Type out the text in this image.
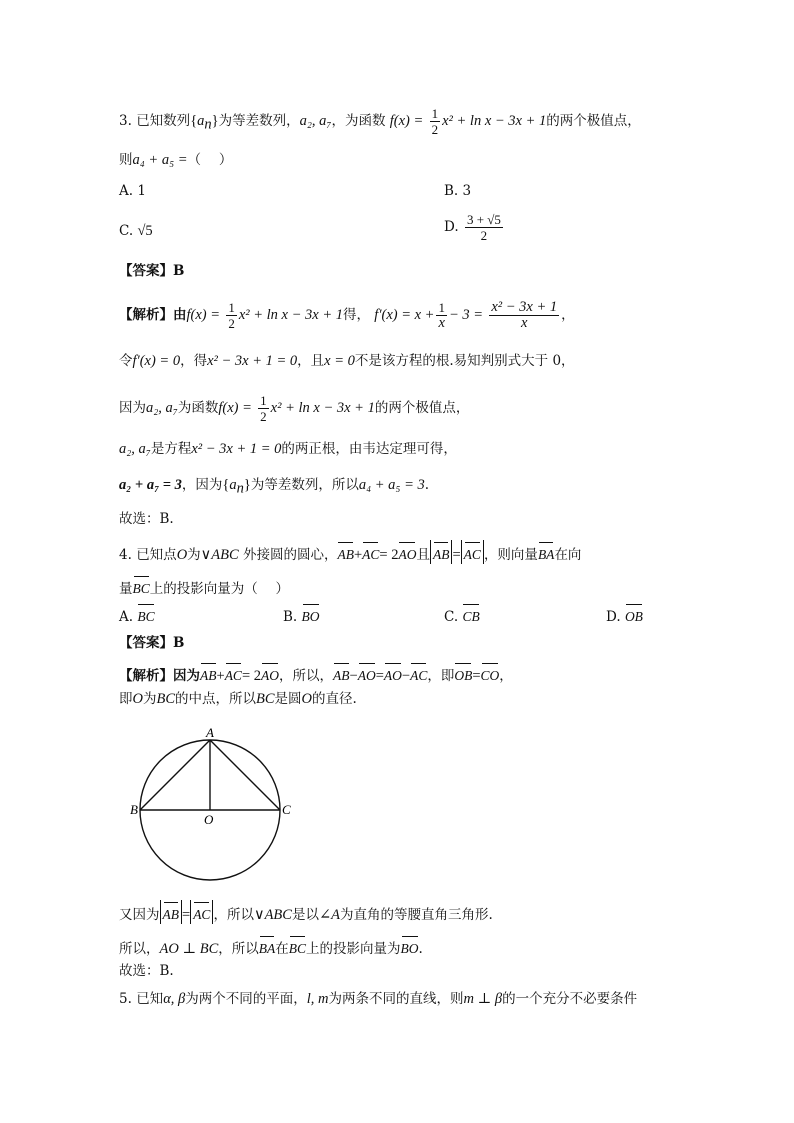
3. 已知数列$\{a_n\}$为等差数列，a₂, a₇，为函数 $f(x) = \frac{1}{2} x^2 + \ln x - 3x + 1$的两个极值点，
则a₄ + a₅ =（　 ）
A. 1	B. 3
C. √5	D. $\frac{3 + √5}{2}$
【答案】B
【解析】由$f(x) = \frac{1}{2} x^2 + \ln x - 3x + 1$得， $f'(x) = x + \frac{1}{x} - 3 = \frac{\text{x² − 3x + 1}}{x}$ ，
令f′(x) = 0，得x² − 3x + 1 = 0，且x = 0不是该方程的根.易知判别式大于 0，
因为a₂, a₇为函数$f(x) = \frac{1}{2} x^2 + \ln x - 3x + 1$的两个极值点，
a₂, a₇是方程x² − 3x + 1 = 0的两正根，由韦达定理可得，
a₂ + a₇ = 3，因为$\{a_n\}$为等差数列，所以a₄ + a₅ = 3.
故选：B.
4. 已知点O为∨ABC 外接圆的圆心，AB+AC= 2AO且 AB = AC ，则向量BA在向
量BC上的投影向量为（　 ）
A. BC	B. BO	C. CB	D. OB
【答案】B
【解析】因为AB+AC= 2AO，所以，AB−AO=AO−AC，即OB=CO，
即O为BC的中点，所以BC是圆O的直径.
A
B	C
O
又因为 AB = AC ，所以∨ABC是以∠A为直角的等腰直角三角形.
所以，AO ⊥ BC，所以BA在BC上的投影向量为BO.
故选：B.
5. 已知α, β为两个不同的平面，l, m为两条不同的直线，则m ⊥ β的一个充分不必要条件
